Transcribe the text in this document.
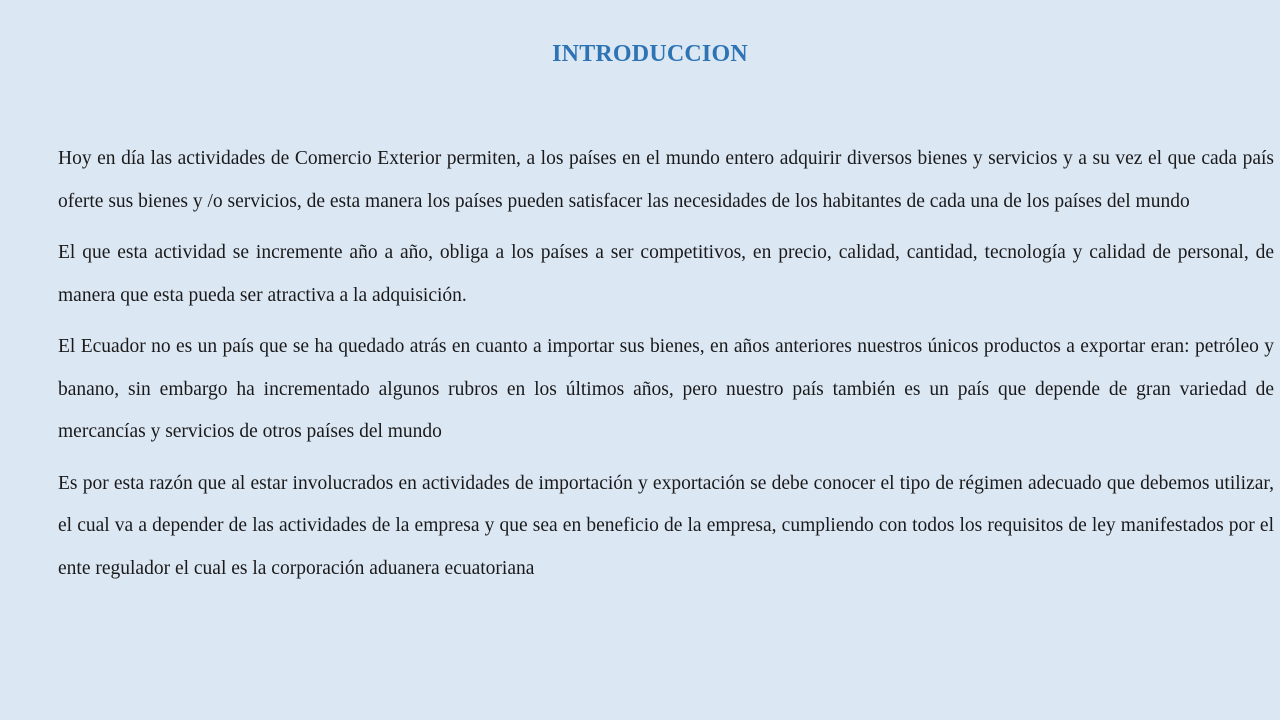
INTRODUCCION

Hoy en día las actividades de Comercio Exterior permiten, a los países en el mundo entero adquirir diversos bienes y servicios y a su vez el que cada país oferte sus bienes y /o servicios, de esta manera los países pueden satisfacer las necesidades de los habitantes de cada una de los países del mundo

El que esta actividad se incremente año a año, obliga a los países a ser competitivos, en precio, calidad, cantidad, tecnología y calidad de personal, de manera que esta pueda ser atractiva a la adquisición.

El Ecuador no es un país que se ha quedado atrás en cuanto a importar sus bienes, en años anteriores nuestros únicos productos a exportar eran: petróleo y banano, sin embargo ha incrementado algunos rubros en los últimos años, pero nuestro país también es un país que depende de gran variedad de mercancías y servicios de otros países del mundo

Es por esta razón que al estar involucrados en actividades de importación y exportación se debe conocer el tipo de régimen adecuado que debemos utilizar, el cual va a depender de las actividades de la empresa y que sea en beneficio de la empresa, cumpliendo con todos los requisitos de ley manifestados por el ente regulador el cual es la corporación aduanera ecuatoriana
